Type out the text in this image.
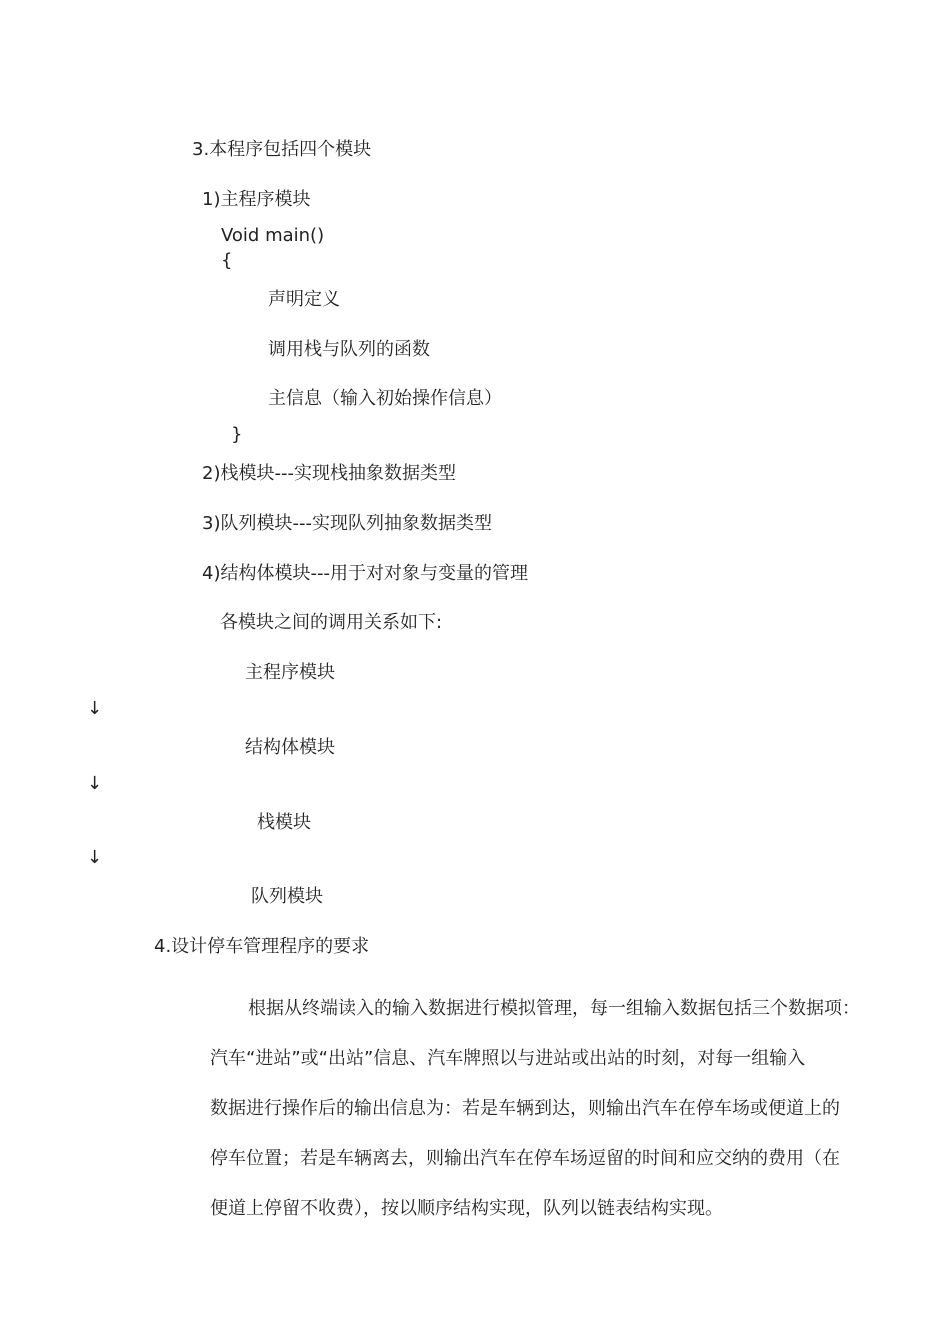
3.本程序包括四个模块
1)主程序模块
Void main()
{
声明定义
调用栈与队列的函数
主信息（输入初始操作信息）
}
2)栈模块---实现栈抽象数据类型
3)队列模块---实现队列抽象数据类型
4)结构体模块---用于对对象与变量的管理
各模块之间的调用关系如下:
主程序模块
↓
结构体模块
↓
栈模块
↓
队列模块
4.设计停车管理程序的要求
根据从终端读入的输入数据进行模拟管理，每一组输入数据包括三个数据项：
汽车“进站”或“出站”信息、汽车牌照以与进站或出站的时刻，对每一组输入
数据进行操作后的输出信息为：若是车辆到达，则输出汽车在停车场或便道上的
停车位置；若是车辆离去，则输出汽车在停车场逗留的时间和应交纳的费用（在
便道上停留不收费），按以顺序结构实现，队列以链表结构实现。
